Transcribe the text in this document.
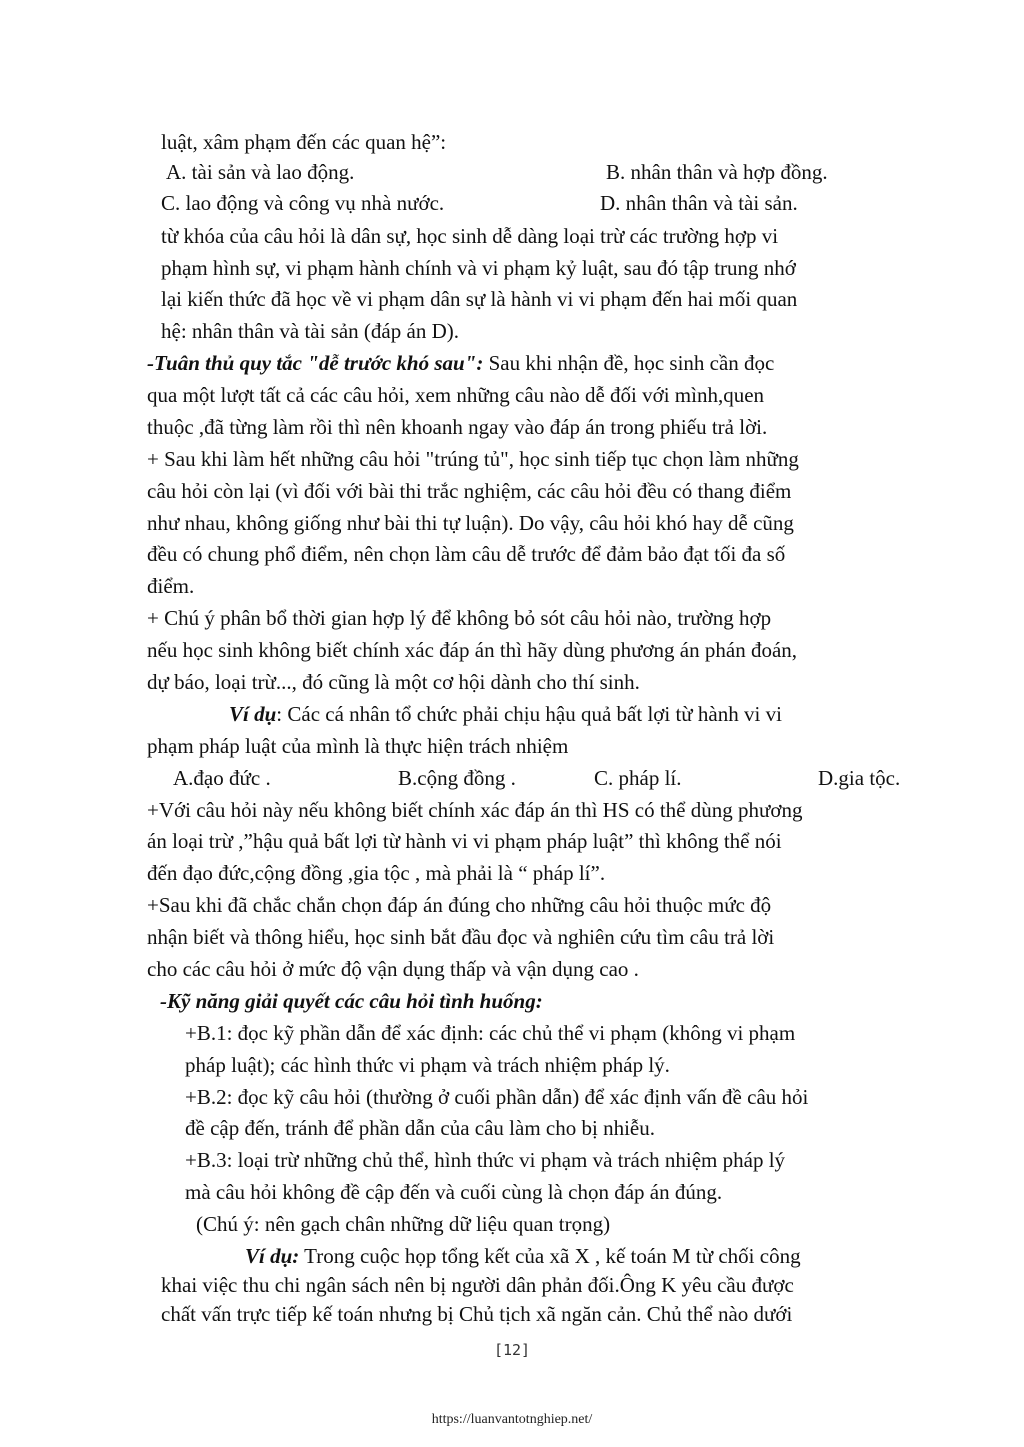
luật, xâm phạm đến các quan hệ”:
A. tài sản và lao động.	B. nhân thân và hợp đồng.
C. lao động và công vụ nhà nước.	D. nhân thân và tài sản.
từ khóa của câu hỏi là dân sự, học sinh dễ dàng loại trừ các trường hợp vi
phạm hình sự, vi phạm hành chính và vi phạm kỷ luật, sau đó tập trung nhớ
lại kiến thức đã học về vi phạm dân sự là hành vi vi phạm đến hai mối quan
hệ: nhân thân và tài sản (đáp án D).
-Tuân thủ quy tắc "dễ trước khó sau": Sau khi nhận đề, học sinh cần đọc
qua một lượt tất cả các câu hỏi, xem những câu nào dễ đối với mình,quen
thuộc ,đã từng làm rồi thì nên khoanh ngay vào đáp án trong phiếu trả lời.
+ Sau khi làm hết những câu hỏi "trúng tủ", học sinh tiếp tục chọn làm những
câu hỏi còn lại (vì đối với bài thi trắc nghiệm, các câu hỏi đều có thang điểm
như nhau, không giống như bài thi tự luận). Do vậy, câu hỏi khó hay dễ cũng
đều có chung phổ điểm, nên chọn làm câu dễ trước để đảm bảo đạt tối đa số
điểm.
+ Chú ý phân bổ thời gian hợp lý để không bỏ sót câu hỏi nào, trường hợp
nếu học sinh không biết chính xác đáp án thì hãy dùng phương án phán đoán,
dự báo, loại trừ..., đó cũng là một cơ hội dành cho thí sinh.
Ví dụ: Các cá nhân tổ chức phải chịu hậu quả bất lợi từ hành vi vi
phạm pháp luật của mình là thực hiện trách nhiệm
A.đạo đức .	B.cộng đồng .	C. pháp lí.	D.gia tộc.
+Với câu hỏi này nếu không biết chính xác đáp án thì HS có thể dùng phương
án loại trừ ,”hậu quả bất lợi từ hành vi vi phạm pháp luật” thì không thể nói
đến đạo đức,cộng đồng ,gia tộc , mà phải là “ pháp lí”.
+Sau khi đã chắc chắn chọn đáp án đúng cho những câu hỏi thuộc mức độ
nhận biết và thông hiểu, học sinh bắt đầu đọc và nghiên cứu tìm câu trả lời
cho các câu hỏi ở mức độ vận dụng thấp và vận dụng cao .
-Kỹ năng giải quyết các câu hỏi tình huống:
+B.1: đọc kỹ phần dẫn để xác định: các chủ thể vi phạm (không vi phạm
pháp luật); các hình thức vi phạm và trách nhiệm pháp lý.
+B.2: đọc kỹ câu hỏi (thường ở cuối phần dẫn) để xác định vấn đề câu hỏi
đề cập đến, tránh để phần dẫn của câu làm cho bị nhiễu.
+B.3: loại trừ những chủ thể, hình thức vi phạm và trách nhiệm pháp lý
mà câu hỏi không đề cập đến và cuối cùng là chọn đáp án đúng.
(Chú ý: nên gạch chân những dữ liệu quan trọng)
Ví dụ: Trong cuộc họp tổng kết của xã X , kế toán M từ chối công
khai việc thu chi ngân sách nên bị người dân phản đối.Ông K yêu cầu được
chất vấn trực tiếp kế toán nhưng bị Chủ tịch xã ngăn cản. Chủ thể nào dưới
[12]
https://luanvantotnghiep.net/
